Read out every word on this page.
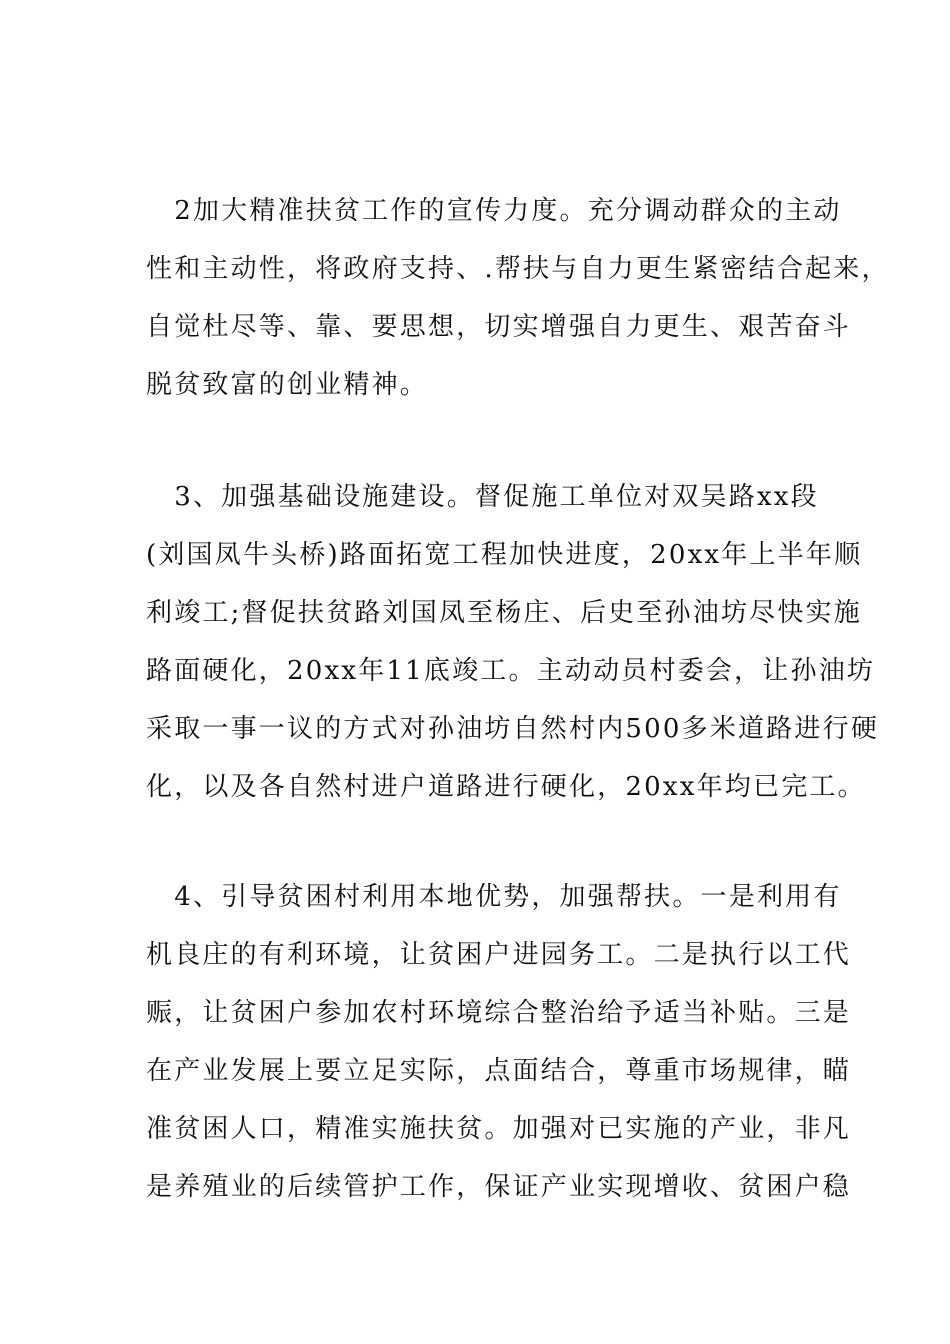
　2加大精准扶贫工作的宣传力度。充分调动群众的主动
性和主动性，将政府支持、.帮扶与自力更生紧密结合起来，
自觉杜尽等、靠、要思想，切实增强自力更生、艰苦奋斗
脱贫致富的创业精神。
　3、加强基础设施建设。督促施工单位对双吴路xx段
(刘国凤牛头桥)路面拓宽工程加快进度，20xx年上半年顺
利竣工;督促扶贫路刘国凤至杨庄、后史至孙油坊尽快实施
路面硬化，20xx年11底竣工。主动动员村委会，让孙油坊
采取一事一议的方式对孙油坊自然村内500多米道路进行硬
化，以及各自然村进户道路进行硬化，20xx年均已完工。
　4、引导贫困村利用本地优势，加强帮扶。一是利用有
机良庄的有利环境，让贫困户进园务工。二是执行以工代
赈，让贫困户参加农村环境综合整治给予适当补贴。三是
在产业发展上要立足实际，点面结合，尊重市场规律，瞄
准贫困人口，精准实施扶贫。加强对已实施的产业，非凡
是养殖业的后续管护工作，保证产业实现增收、贫困户稳
